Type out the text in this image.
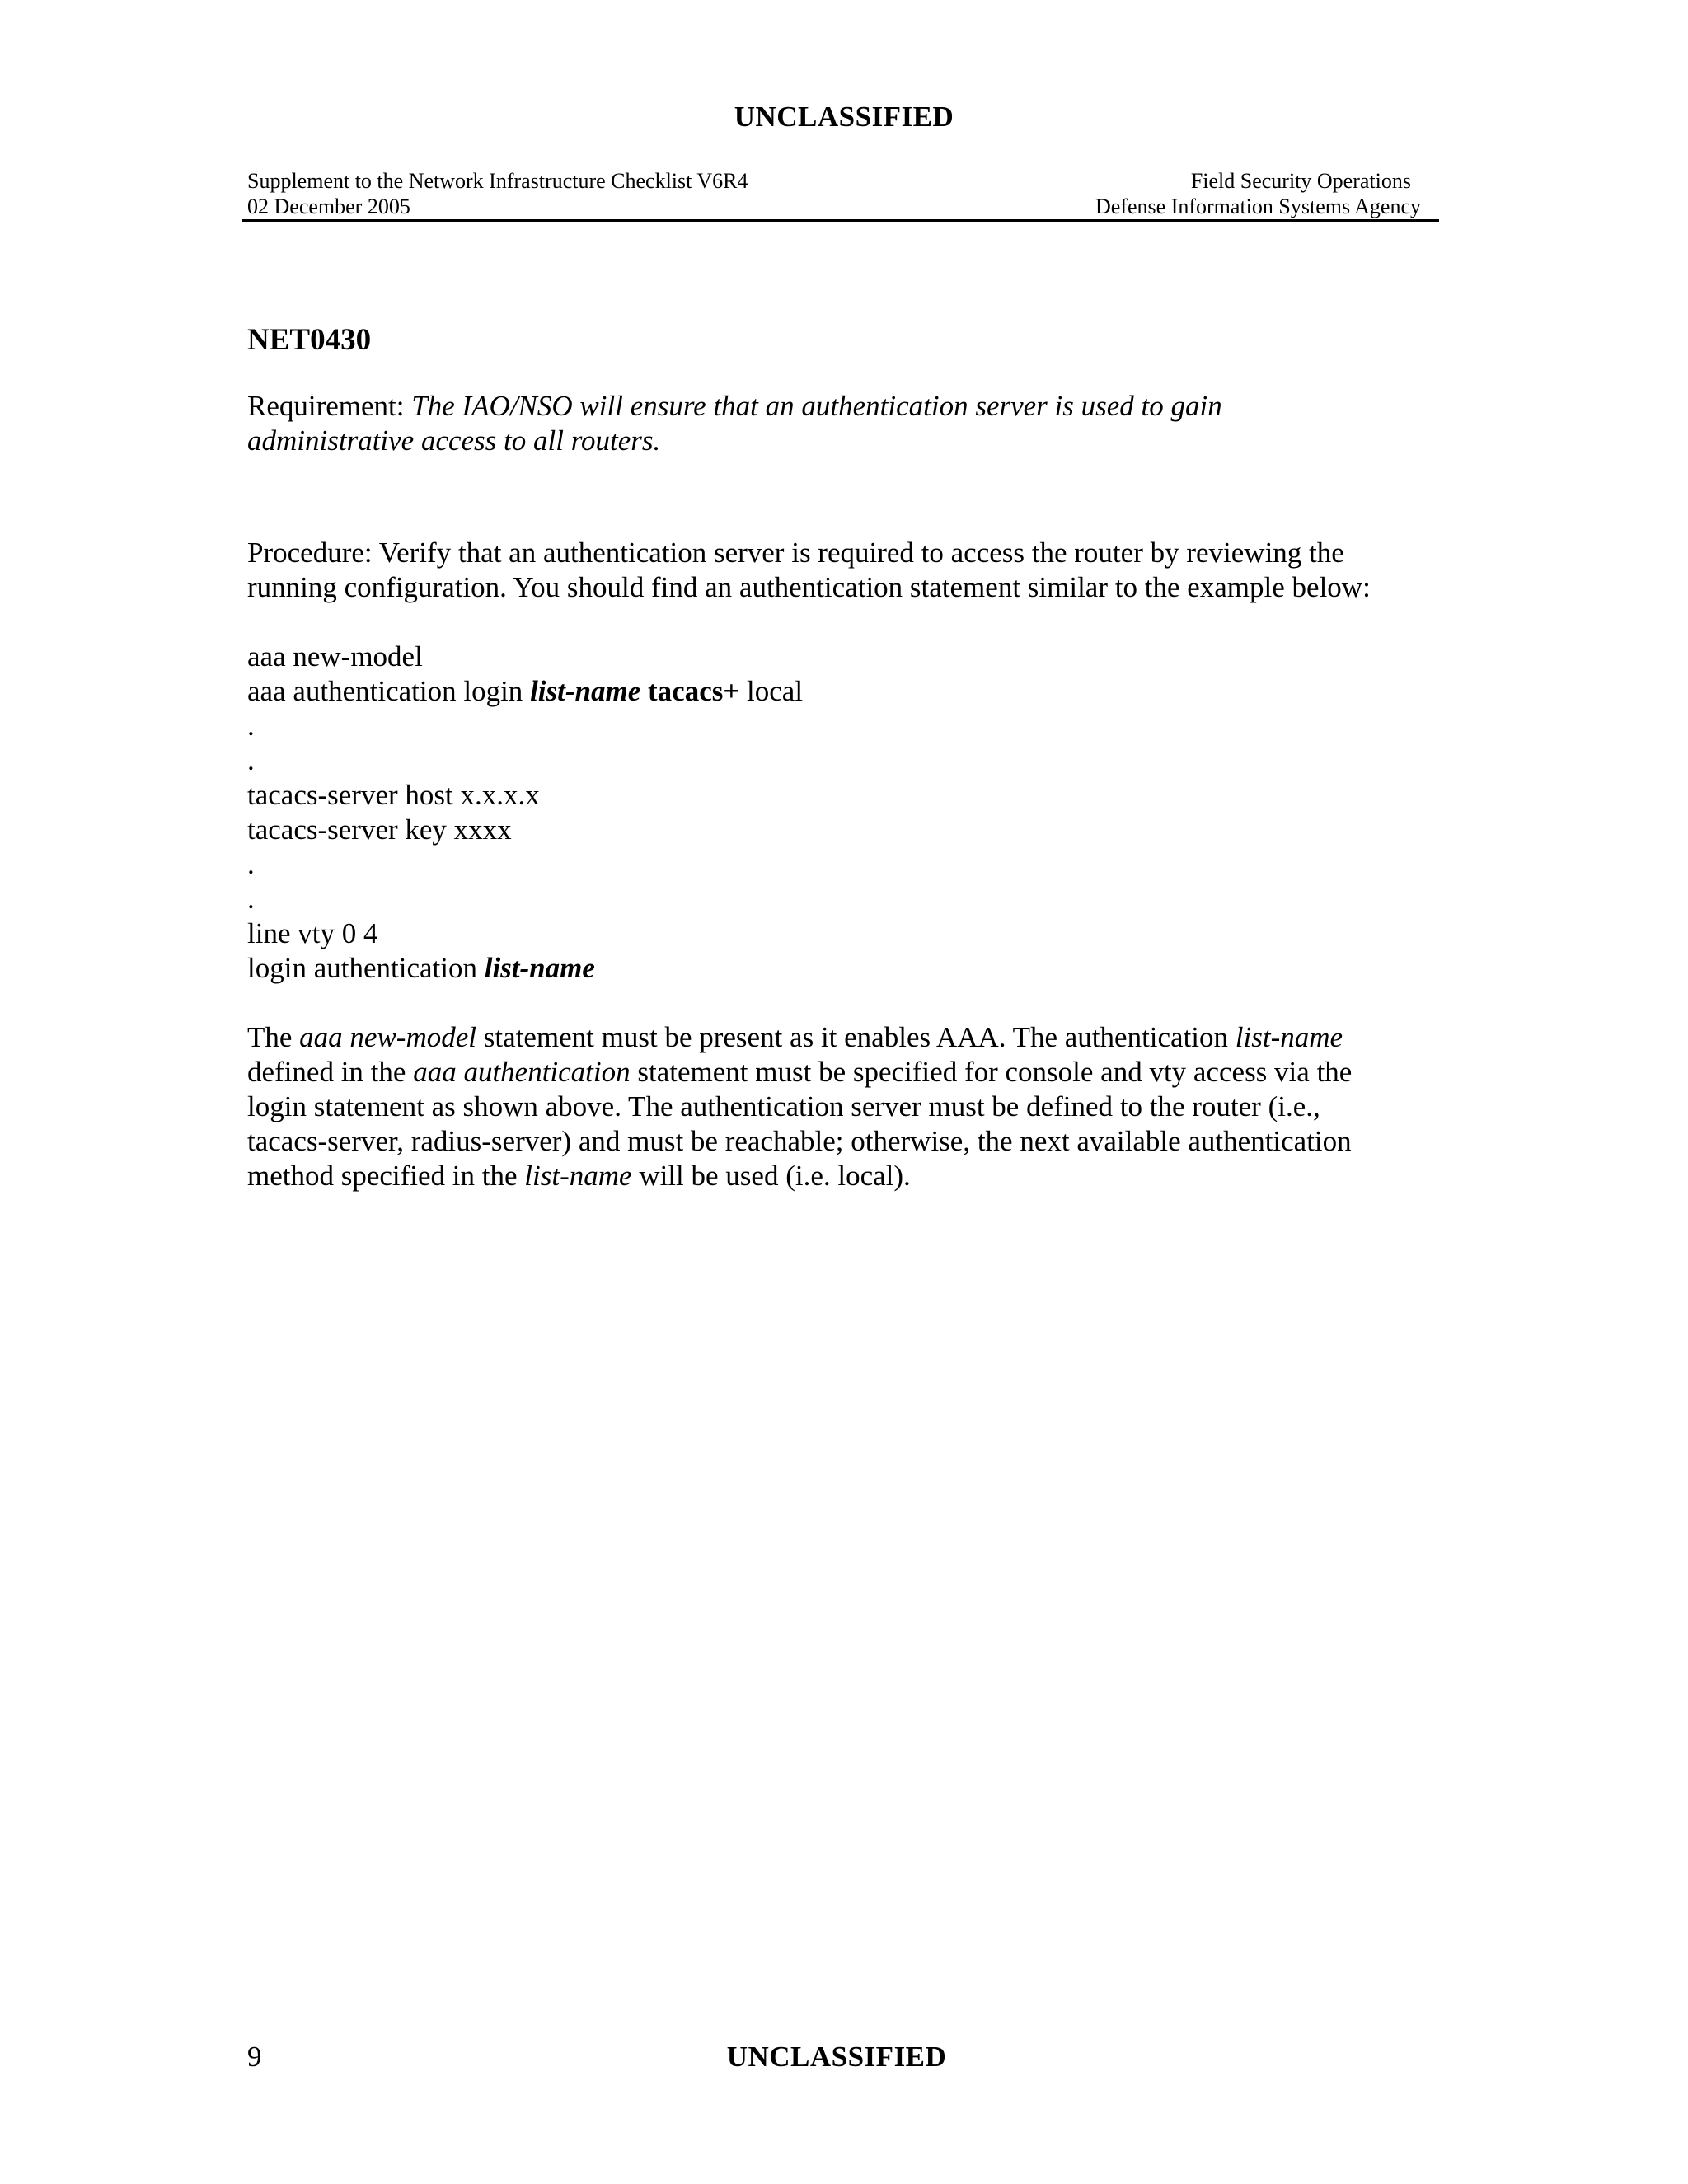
UNCLASSIFIED
Supplement to the Network Infrastructure Checklist V6R4	Field Security Operations
02 December 2005	Defense Information Systems Agency
NET0430

Requirement: The IAO/NSO will ensure that an authentication server is used to gain
administrative access to all routers.

Procedure: Verify that an authentication server is required to access the router by reviewing the
running configuration. You should find an authentication statement similar to the example below:

aaa new-model
aaa authentication login list-name tacacs+ local
.
.
tacacs-server host x.x.x.x
tacacs-server key xxxx
.
.
line vty 0 4
login authentication list-name

The aaa new-model statement must be present as it enables AAA. The authentication list-name
defined in the aaa authentication statement must be specified for console and vty access via the
login statement as shown above. The authentication server must be defined to the router (i.e.,
tacacs-server, radius-server) and must be reachable; otherwise, the next available authentication
method specified in the list-name will be used (i.e. local).

9	UNCLASSIFIED
